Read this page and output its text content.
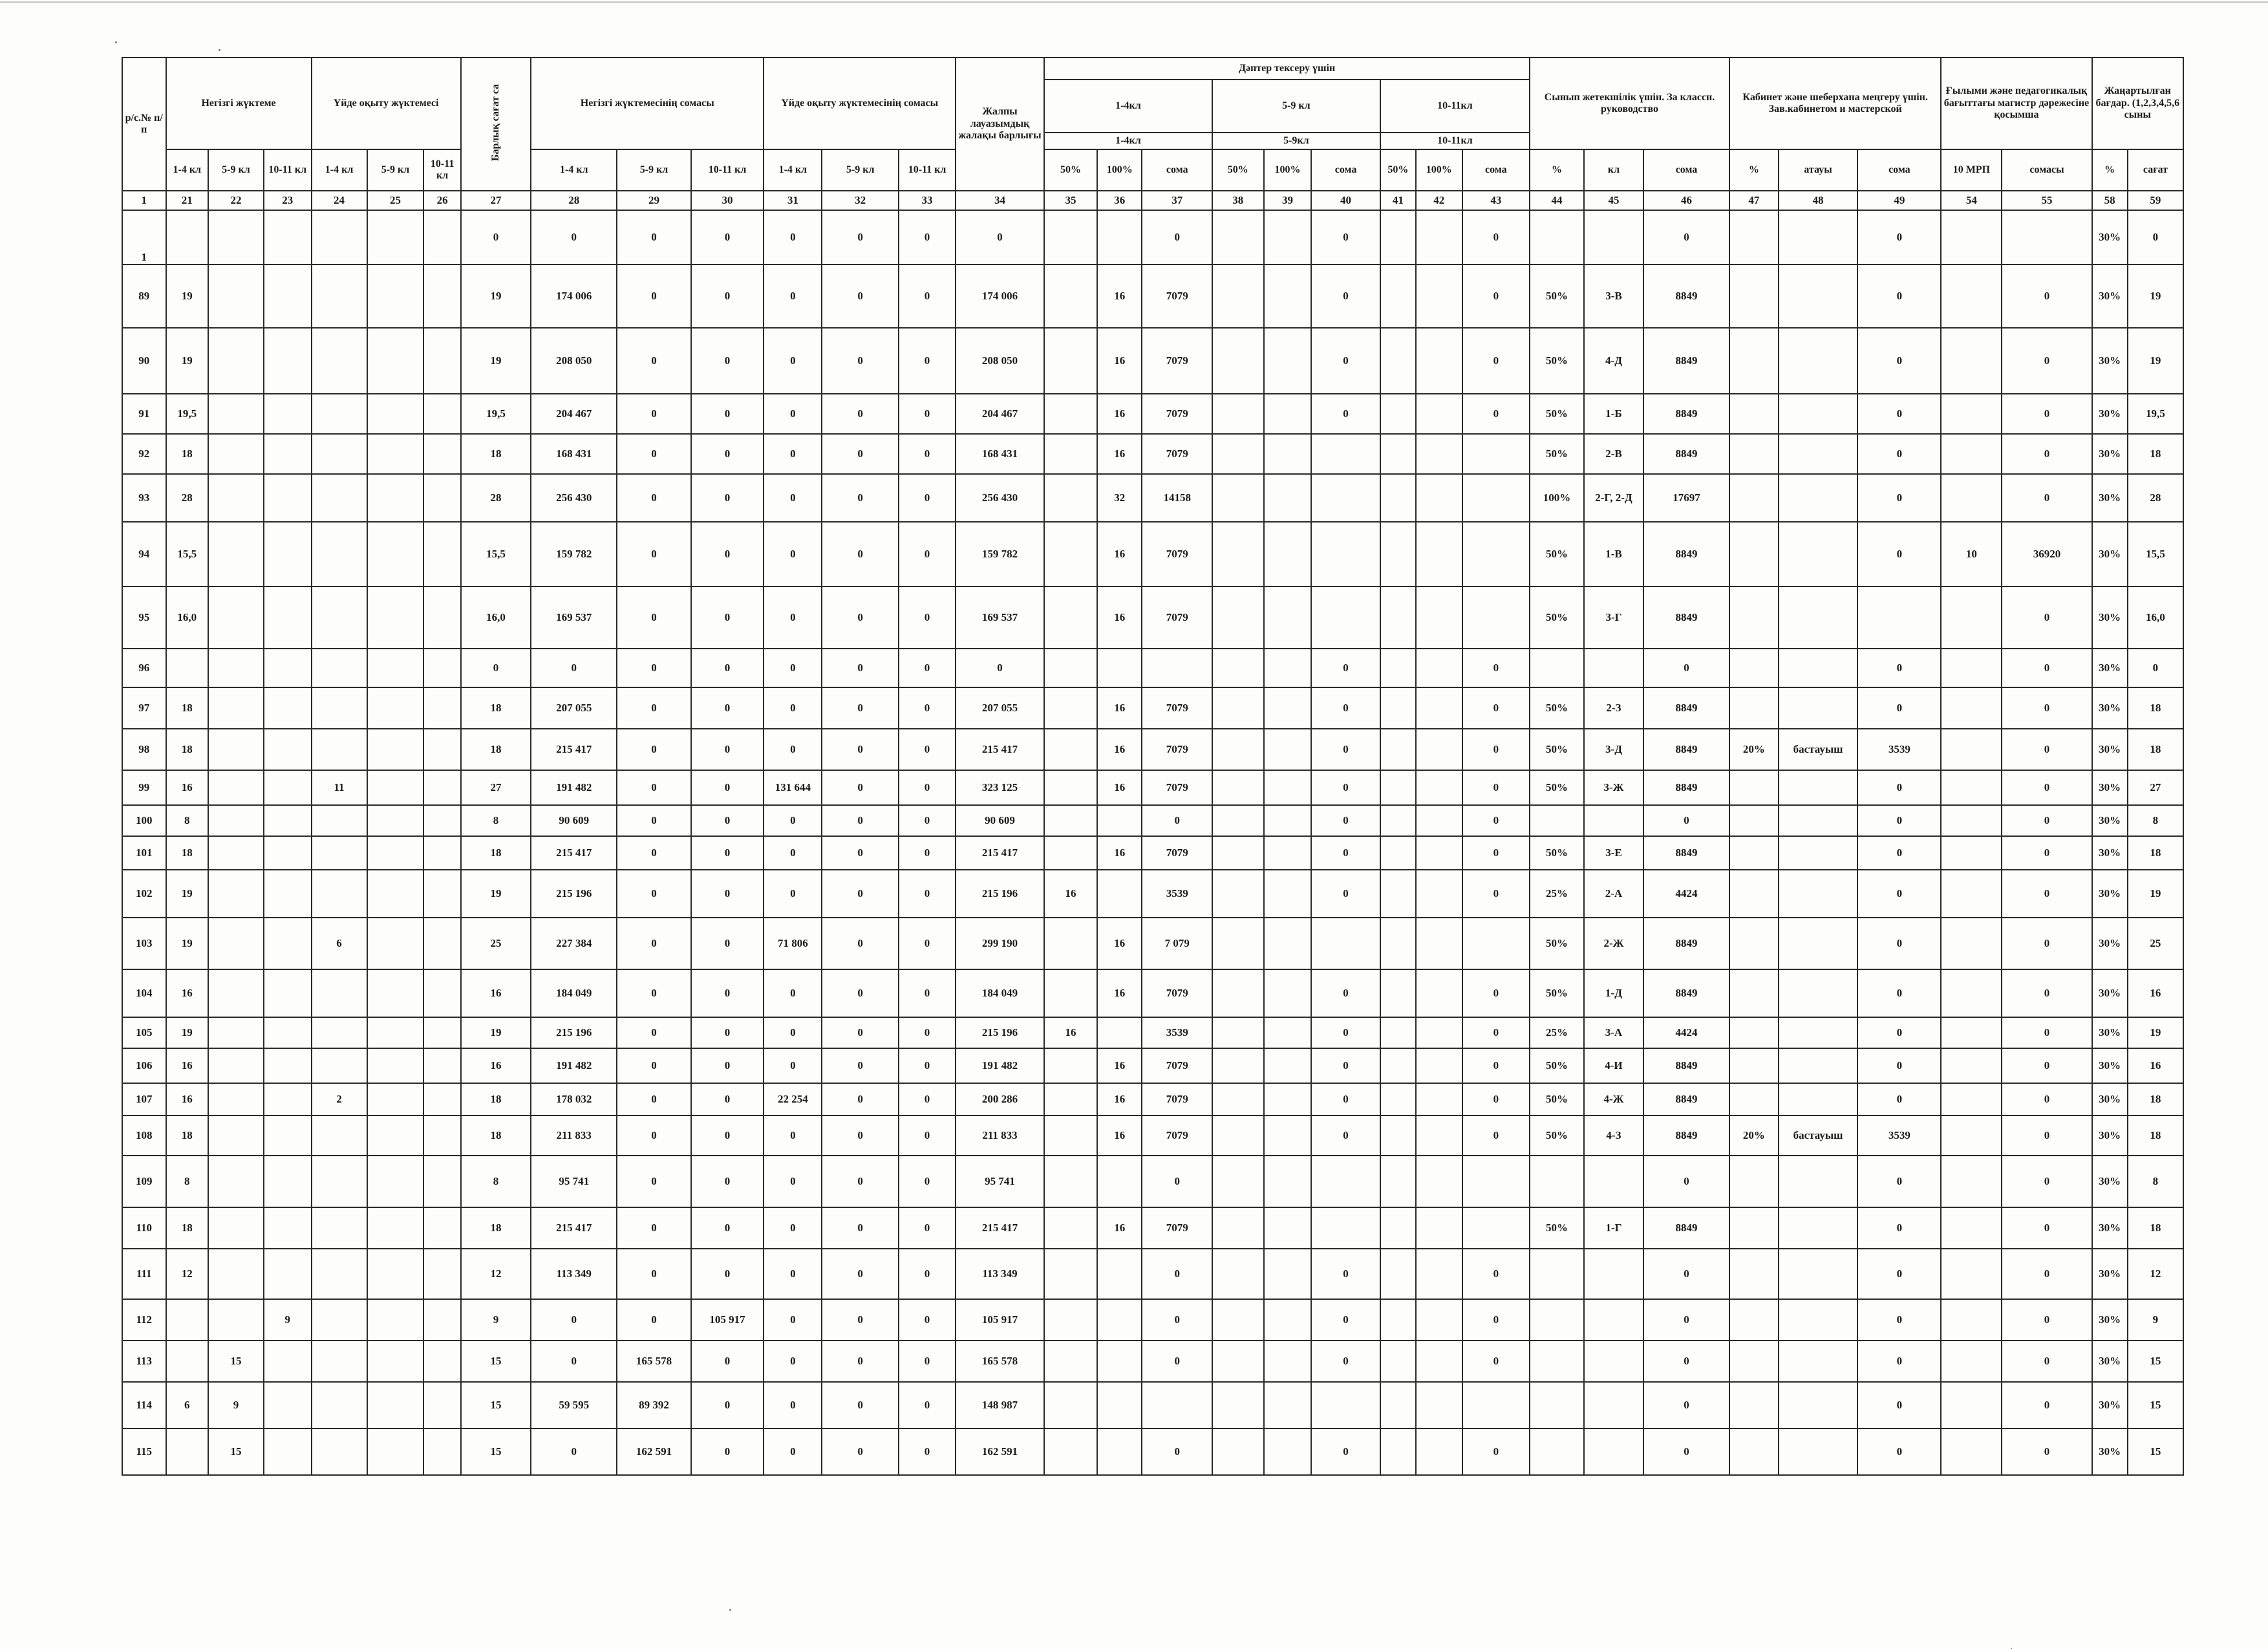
р/с.№ п/п	Негізгі жүктеме			Үйде оқыту жүктемесі			Барлық сағат са	Негізгі жүктемесінің сомасы			Үйде оқыту жүктемесінің сомасы			Жалпы лауазымдық жалақы барлығы	Дәптер тексеру үшін									Сынып жетекшілік үшін. За классн. руководство			Кабинет және шеберхана меңгеру үшін. Зав.кабинетом и мастерской			Ғылыми және педагогикалық бағыттағы магистр дәрежесіне қосымша		Жаңартылған бағдар. (1,2,3,4,5,6 сыны	
															1-4кл			5-9 кл			10-11кл												
															1-4кл			5-9кл			10-11кл												
	1-4 кл	5-9 кл	10-11 кл	1-4 кл	5-9 кл	10-11 кл		1-4 кл	5-9 кл	10-11 кл	1-4 кл	5-9 кл	10-11 кл		50%	100%	сома	50%	100%	сома	50%	100%	сома	%	кл	сома	%	атауы	сома	10 МРП	сомасы	%	сағат
1	21	22	23	24	25	26	27	28	29	30	31	32	33	34	35	36	37	38	39	40	41	42	43	44	45	46	47	48	49	54	55	58	59
1							0	0	0	0	0	0	0	0			0			0			0			0			0			30%	0
89	19						19	174 006	0	0	0	0	0	174 006		16	7079			0			0	50%	3-В	8849			0		0	30%	19
90	19						19	208 050	0	0	0	0	0	208 050		16	7079			0			0	50%	4-Д	8849			0		0	30%	19
91	19,5						19,5	204 467	0	0	0	0	0	204 467		16	7079			0			0	50%	1-Б	8849			0		0	30%	19,5
92	18						18	168 431	0	0	0	0	0	168 431		16	7079							50%	2-В	8849			0		0	30%	18
93	28						28	256 430	0	0	0	0	0	256 430		32	14158							100%	2-Г, 2-Д	17697			0		0	30%	28
94	15,5						15,5	159 782	0	0	0	0	0	159 782		16	7079							50%	1-В	8849			0	10	36920	30%	15,5
95	16,0						16,0	169 537	0	0	0	0	0	169 537		16	7079							50%	3-Г	8849					0	30%	16,0
96							0	0	0	0	0	0	0	0						0			0			0			0		0	30%	0
97	18						18	207 055	0	0	0	0	0	207 055		16	7079			0			0	50%	2-З	8849			0		0	30%	18
98	18						18	215 417	0	0	0	0	0	215 417		16	7079			0			0	50%	3-Д	8849	20%	бастауыш	3539		0	30%	18
99	16			11			27	191 482	0	0	131 644	0	0	323 125		16	7079			0			0	50%	3-Ж	8849			0		0	30%	27
100	8						8	90 609	0	0	0	0	0	90 609			0			0			0			0			0		0	30%	8
101	18						18	215 417	0	0	0	0	0	215 417		16	7079			0			0	50%	3-Е	8849			0		0	30%	18
102	19						19	215 196	0	0	0	0	0	215 196	16		3539			0			0	25%	2-А	4424			0		0	30%	19
103	19			6			25	227 384	0	0	71 806	0	0	299 190		16	7 079							50%	2-Ж	8849			0		0	30%	25
104	16						16	184 049	0	0	0	0	0	184 049		16	7079			0			0	50%	1-Д	8849			0		0	30%	16
105	19						19	215 196	0	0	0	0	0	215 196	16		3539			0			0	25%	3-А	4424			0		0	30%	19
106	16						16	191 482	0	0	0	0	0	191 482		16	7079			0			0	50%	4-И	8849			0		0	30%	16
107	16			2			18	178 032	0	0	22 254	0	0	200 286		16	7079			0			0	50%	4-Ж	8849			0		0	30%	18
108	18						18	211 833	0	0	0	0	0	211 833		16	7079			0			0	50%	4-З	8849	20%	бастауыш	3539		0	30%	18
109	8						8	95 741	0	0	0	0	0	95 741			0									0			0		0	30%	8
110	18						18	215 417	0	0	0	0	0	215 417		16	7079							50%	1-Г	8849			0		0	30%	18
111	12						12	113 349	0	0	0	0	0	113 349			0			0			0			0			0		0	30%	12
112			9				9	0	0	105 917	0	0	0	105 917			0			0			0			0			0		0	30%	9
113		15					15	0	165 578	0	0	0	0	165 578			0			0			0			0			0		0	30%	15
114	6	9					15	59 595	89 392	0	0	0	0	148 987												0			0		0	30%	15
115		15					15	0	162 591	0	0	0	0	162 591			0			0			0			0			0		0	30%	15
